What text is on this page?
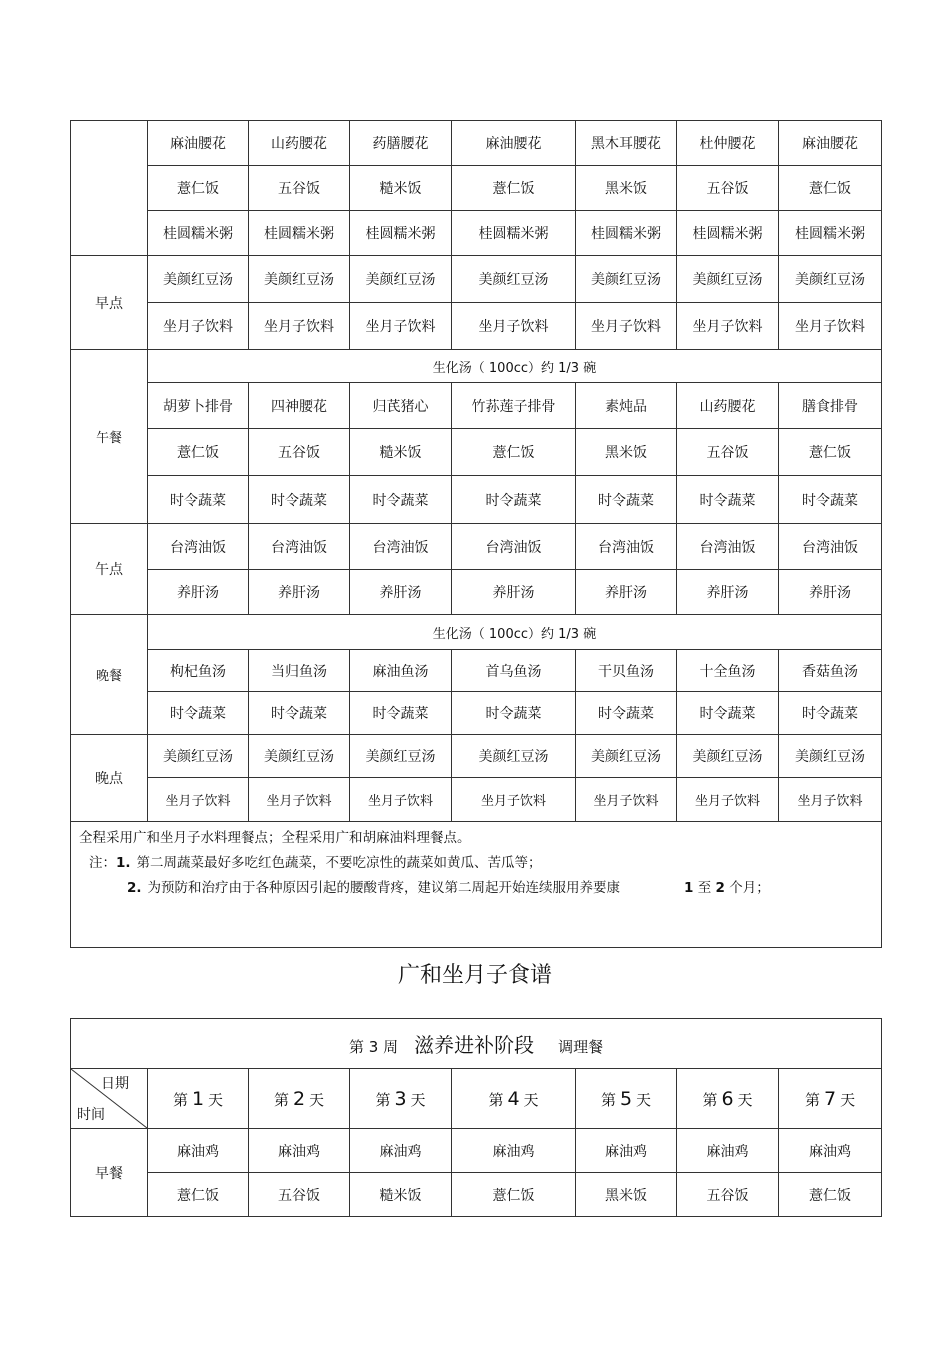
	麻油腰花	山药腰花	药膳腰花	麻油腰花	黑木耳腰花	杜仲腰花	麻油腰花
	薏仁饭	五谷饭	糙米饭	薏仁饭	黑米饭	五谷饭	薏仁饭
	桂圆糯米粥	桂圆糯米粥	桂圆糯米粥	桂圆糯米粥	桂圆糯米粥	桂圆糯米粥	桂圆糯米粥
早点	美颜红豆汤	美颜红豆汤	美颜红豆汤	美颜红豆汤	美颜红豆汤	美颜红豆汤	美颜红豆汤
	坐月子饮料	坐月子饮料	坐月子饮料	坐月子饮料	坐月子饮料	坐月子饮料	坐月子饮料
午餐	生化汤（ 100cc）约 1/3 碗						
	胡萝卜排骨	四神腰花	归芪猪心	竹荪莲子排骨	素炖品	山药腰花	膳食排骨
	薏仁饭	五谷饭	糙米饭	薏仁饭	黑米饭	五谷饭	薏仁饭
	时令蔬菜	时令蔬菜	时令蔬菜	时令蔬菜	时令蔬菜	时令蔬菜	时令蔬菜
午点	台湾油饭	台湾油饭	台湾油饭	台湾油饭	台湾油饭	台湾油饭	台湾油饭
	养肝汤	养肝汤	养肝汤	养肝汤	养肝汤	养肝汤	养肝汤
晚餐	生化汤（ 100cc）约 1/3 碗						
	枸杞鱼汤	当归鱼汤	麻油鱼汤	首乌鱼汤	干贝鱼汤	十全鱼汤	香菇鱼汤
	时令蔬菜	时令蔬菜	时令蔬菜	时令蔬菜	时令蔬菜	时令蔬菜	时令蔬菜
晚点	美颜红豆汤	美颜红豆汤	美颜红豆汤	美颜红豆汤	美颜红豆汤	美颜红豆汤	美颜红豆汤
	坐月子饮料	坐月子饮料	坐月子饮料	坐月子饮料	坐月子饮料	坐月子饮料	坐月子饮料

全程采用广和坐月子水料理餐点；全程采用广和胡麻油料理餐点。
注：1. 第二周蔬菜最好多吃红色蔬菜，不要吃凉性的蔬菜如黄瓜、苦瓜等；
2. 为预防和治疗由于各种原因引起的腰酸背疼，建议第二周起开始连续服用养要康 1 至 2 个月；							
广和坐月子食谱
第 3 周 滋养进补阶段 调理餐							

日期
时间	第 1 天	第 2 天	第 3 天	第 4 天	第 5 天	第 6 天	第 7 天
早餐	麻油鸡	麻油鸡	麻油鸡	麻油鸡	麻油鸡	麻油鸡	麻油鸡
	薏仁饭	五谷饭	糙米饭	薏仁饭	黑米饭	五谷饭	薏仁饭
